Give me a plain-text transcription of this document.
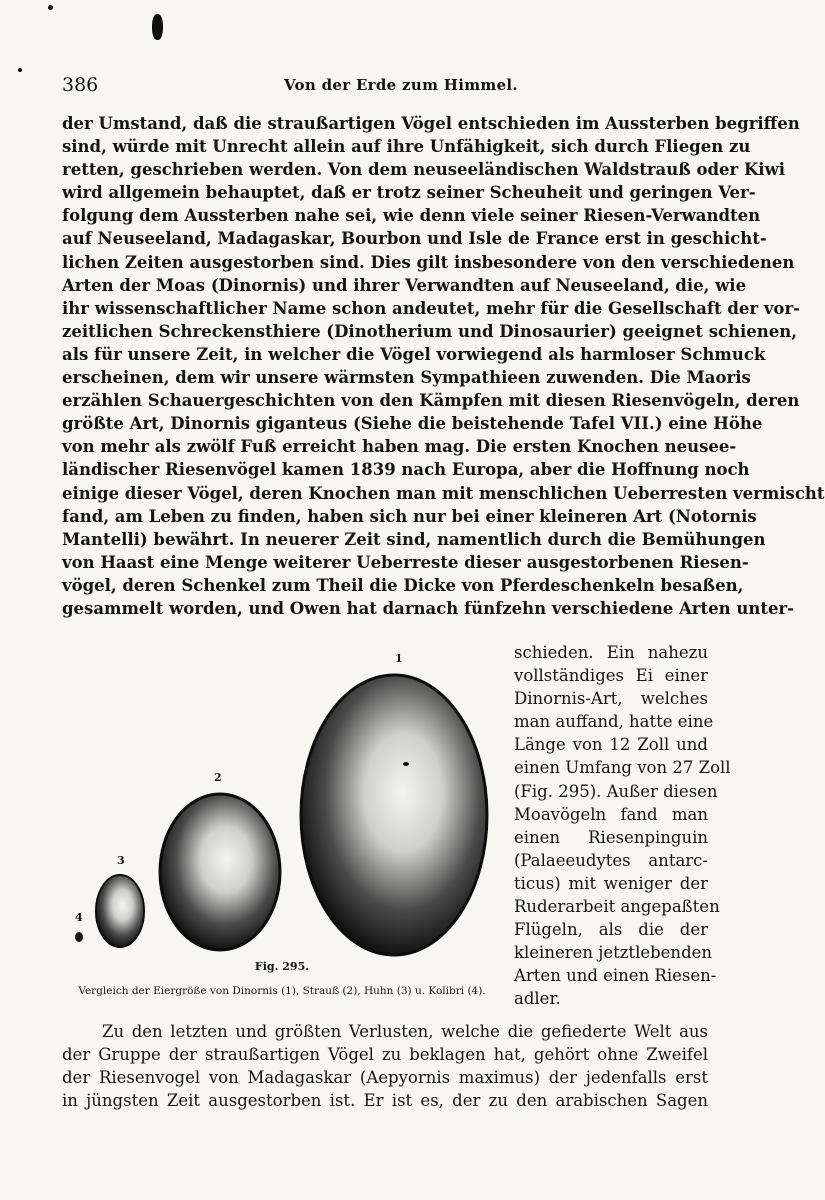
386	Von der Erde zum Himmel.
der Umstand, daß die straußartigen Vögel entschieden im Aussterben begriffen
sind, würde mit Unrecht allein auf ihre Unfähigkeit, sich durch Fliegen zu
retten, geschrieben werden. Von dem neuseeländischen Waldstrauß oder Kiwi
wird allgemein behauptet, daß er trotz seiner Scheuheit und geringen Ver-
folgung dem Aussterben nahe sei, wie denn viele seiner Riesen-Verwandten
auf Neuseeland, Madagaskar, Bourbon und Isle de France erst in geschicht-
lichen Zeiten ausgestorben sind. Dies gilt insbesondere von den verschiedenen
Arten der Moas (Dinornis) und ihrer Verwandten auf Neuseeland, die, wie
ihr wissenschaftlicher Name schon andeutet, mehr für die Gesellschaft der vor-
zeitlichen Schreckensthiere (Dinotherium und Dinosaurier) geeignet schienen,
als für unsere Zeit, in welcher die Vögel vorwiegend als harmloser Schmuck
erscheinen, dem wir unsere wärmsten Sympathieen zuwenden. Die Maoris
erzählen Schauergeschichten von den Kämpfen mit diesen Riesenvögeln, deren
größte Art, Dinornis giganteus (Siehe die beistehende Tafel VII.) eine Höhe
von mehr als zwölf Fuß erreicht haben mag. Die ersten Knochen neusee-
ländischer Riesenvögel kamen 1839 nach Europa, aber die Hoffnung noch
einige dieser Vögel, deren Knochen man mit menschlichen Ueberresten vermischt
fand, am Leben zu finden, haben sich nur bei einer kleineren Art (Notornis
Mantelli) bewährt. In neuerer Zeit sind, namentlich durch die Bemühungen
von Haast eine Menge weiterer Ueberreste dieser ausgestorbenen Riesen-
vögel, deren Schenkel zum Theil die Dicke von Pferdeschenkeln besaßen,
gesammelt worden, und Owen hat darnach fünfzehn verschiedene Arten unter-
1
2
3
4
Fig. 295.
Vergleich der Eiergröße von Dinornis (1), Strauß (2), Huhn (3) u. Kolibri (4).
schieden. Ein nahezu
vollständiges Ei einer
Dinornis-Art, welches
man auffand, hatte eine
Länge von 12 Zoll und
einen Umfang von 27 Zoll
(Fig. 295). Außer diesen
Moavögeln fand man
einen Riesenpinguin
(Palaeeudytes antarc-
ticus) mit weniger der
Ruderarbeit angepaßten
Flügeln, als die der
kleineren jetztlebenden
Arten und einen Riesen-
adler.
Zu den letzten und größten Verlusten, welche die gefiederte Welt aus
der Gruppe der straußartigen Vögel zu beklagen hat, gehört ohne Zweifel
der Riesenvogel von Madagaskar (Aepyornis maximus) der jedenfalls erst
in jüngsten Zeit ausgestorben ist. Er ist es, der zu den arabischen Sagen
